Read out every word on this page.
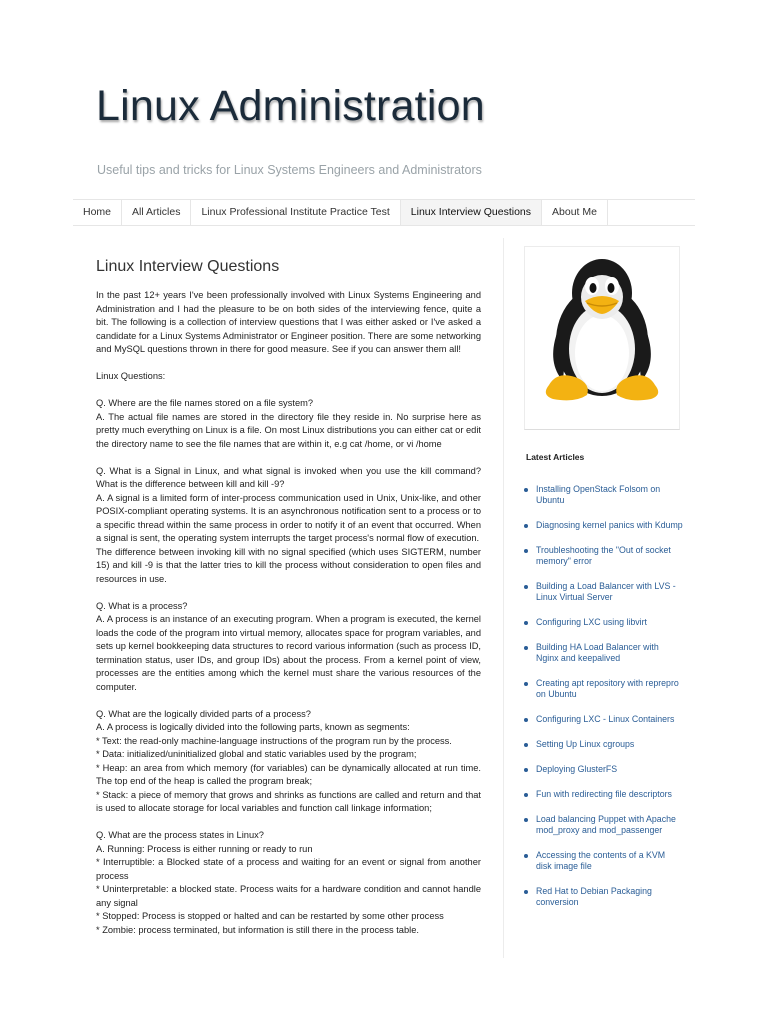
Linux Administration
Useful tips and tricks for Linux Systems Engineers and Administrators
Home	All Articles	Linux Professional Institute Practice Test	Linux Interview Questions	About Me
Linux Interview Questions

In the past 12+ years I've been professionally involved with Linux Systems Engineering and Administration and I had the pleasure to be on both sides of the interviewing fence, quite a bit. The following is a collection of interview questions that I was either asked or I've asked a candidate for a Linux Systems Administrator or Engineer position. There are some networking and MySQL questions thrown in there for good measure. See if you can answer them all!

Linux Questions:

Q. Where are the file names stored on a file system?

A. The actual file names are stored in the directory file they reside in. No surprise here as pretty much everything on Linux is a file. On most Linux distributions you can either cat or edit the directory name to see the file names that are within it, e.g cat /home, or vi /home

Q. What is a Signal in Linux, and what signal is invoked when you use the kill command? What is the difference between kill and kill -9?

A. A signal is a limited form of inter-process communication used in Unix, Unix-like, and other POSIX-compliant operating systems. It is an asynchronous notification sent to a process or to a specific thread within the same process in order to notify it of an event that occurred. When a signal is sent, the operating system interrupts the target process's normal flow of execution.

The difference between invoking kill with no signal specified (which uses SIGTERM, number 15) and kill -9 is that the latter tries to kill the process without consideration to open files and resources in use.

Q. What is a process?

A. A process is an instance of an executing program. When a program is executed, the kernel loads the code of the program into virtual memory, allocates space for program variables, and sets up kernel bookkeeping data structures to record various information (such as process ID, termination status, user IDs, and group IDs) about the process. From a kernel point of view, processes are the entities among which the kernel must share the various resources of the computer.

Q. What are the logically divided parts of a process?

A. A process is logically divided into the following parts, known as segments:
* Text: the read-only machine-language instructions of the program run by the process.
* Data: initialized/uninitialized global and static variables used by the program;
* Heap: an area from which memory (for variables) can be dynamically allocated at run time. The top end of the heap is called the program break;
* Stack: a piece of memory that grows and shrinks as functions are called and return and that is used to allocate storage for local variables and function call linkage information;

Q. What are the process states in Linux?

A. Running: Process is either running or ready to run
* Interruptible: a Blocked state of a process and waiting for an event or signal from another process
* Uninterpretable: a blocked state. Process waits for a hardware condition and cannot handle any signal
* Stopped: Process is stopped or halted and can be restarted by some other process
* Zombie: process terminated, but information is still there in the process table.

Latest Articles
Installing OpenStack Folsom on Ubuntu
Diagnosing kernel panics with Kdump
Troubleshooting the "Out of socket memory" error
Building a Load Balancer with LVS - Linux Virtual Server
Configuring LXC using libvirt
Building HA Load Balancer with Nginx and keepalived
Creating apt repository with reprepro on Ubuntu
Configuring LXC - Linux Containers
Setting Up Linux cgroups
Deploying GlusterFS
Fun with redirecting file descriptors
Load balancing Puppet with Apache mod_proxy and mod_passenger
Accessing the contents of a KVM disk image file
Red Hat to Debian Packaging conversion
